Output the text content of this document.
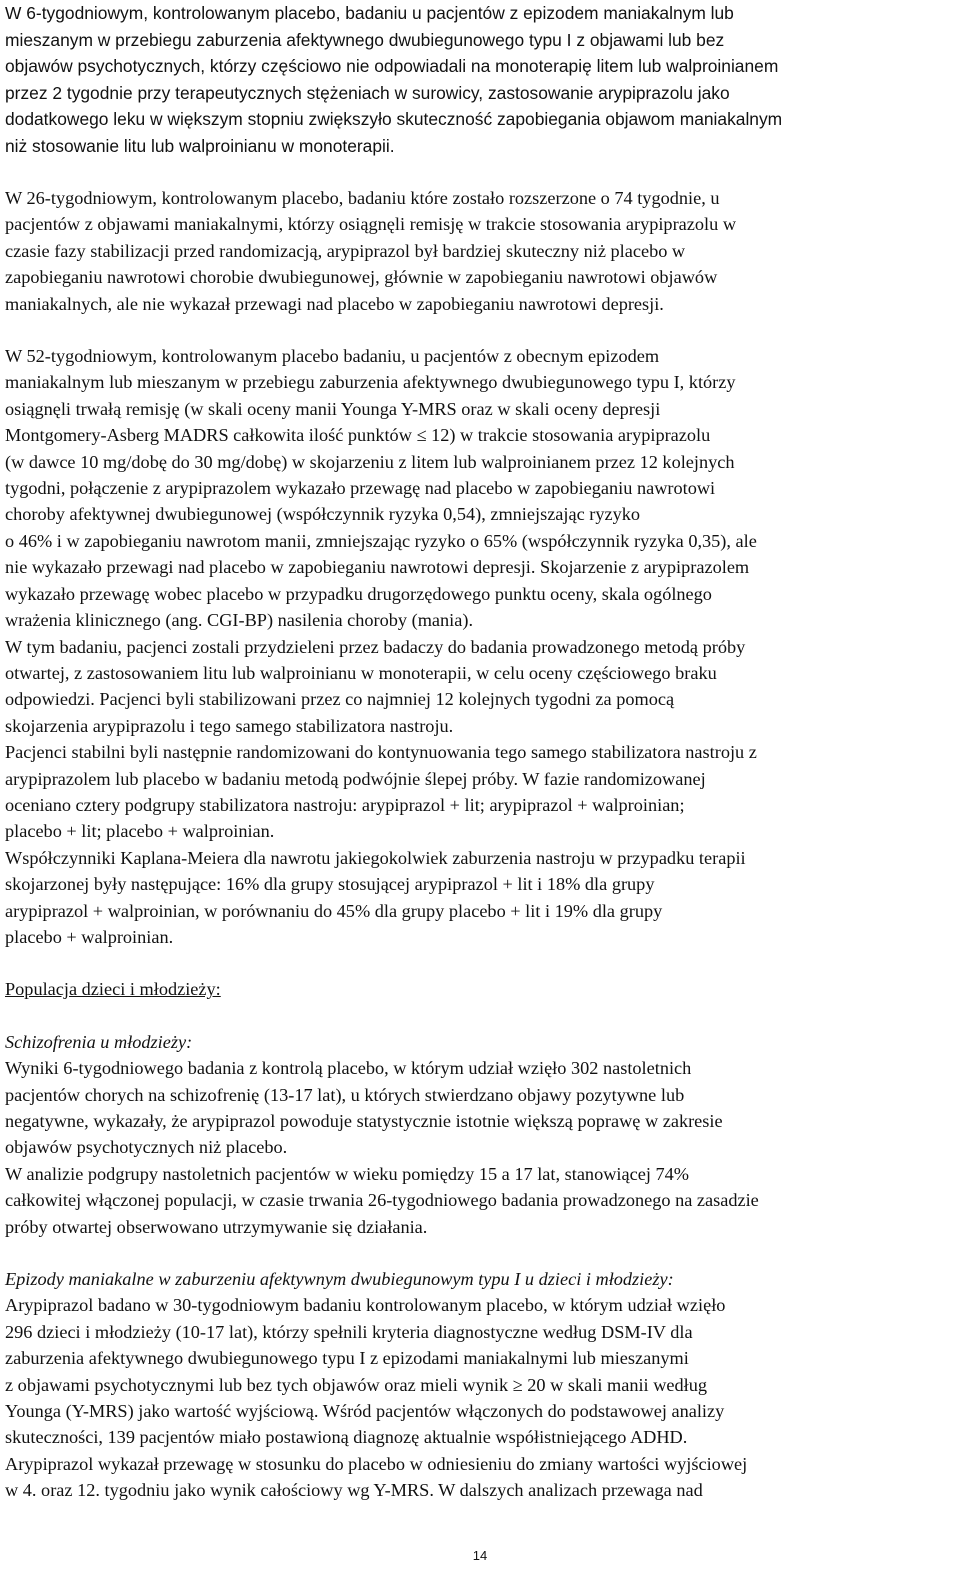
W 6-tygodniowym, kontrolowanym placebo, badaniu u pacjentów z epizodem maniakalnym lub
mieszanym w przebiegu zaburzenia afektywnego dwubiegunowego typu I z objawami lub bez
objawów psychotycznych, którzy częściowo nie odpowiadali na monoterapię litem lub walproinianem
przez 2 tygodnie przy terapeutycznych stężeniach w surowicy, zastosowanie arypiprazolu jako
dodatkowego leku w większym stopniu zwiększyło skuteczność zapobiegania objawom maniakalnym
niż stosowanie litu lub walproinianu w monoterapii.

W 26-tygodniowym, kontrolowanym placebo, badaniu które zostało rozszerzone o 74 tygodnie, u
pacjentów z objawami maniakalnymi, którzy osiągnęli remisję w trakcie stosowania arypiprazolu w
czasie fazy stabilizacji przed randomizacją, arypiprazol był bardziej skuteczny niż placebo w
zapobieganiu nawrotowi chorobie dwubiegunowej, głównie w zapobieganiu nawrotowi objawów
maniakalnych, ale nie wykazał przewagi nad placebo w zapobieganiu nawrotowi depresji.

W 52-tygodniowym, kontrolowanym placebo badaniu, u pacjentów z obecnym epizodem
maniakalnym lub mieszanym w przebiegu zaburzenia afektywnego dwubiegunowego typu I, którzy
osiągnęli trwałą remisję (w skali oceny manii Younga Y-MRS oraz w skali oceny depresji
Montgomery-Asberg MADRS całkowita ilość punktów ≤ 12) w trakcie stosowania arypiprazolu
(w dawce 10 mg/dobę do 30 mg/dobę) w skojarzeniu z litem lub walproinianem przez 12 kolejnych
tygodni, połączenie z arypiprazolem wykazało przewagę nad placebo w zapobieganiu nawrotowi
choroby afektywnej dwubiegunowej (współczynnik ryzyka 0,54), zmniejszając ryzyko
o 46% i w zapobieganiu nawrotom manii, zmniejszając ryzyko o 65% (współczynnik ryzyka 0,35), ale
nie wykazało przewagi nad placebo w zapobieganiu nawrotowi depresji. Skojarzenie z arypiprazolem
wykazało przewagę wobec placebo w przypadku drugorzędowego punktu oceny, skala ogólnego
wrażenia klinicznego (ang. CGI-BP) nasilenia choroby (mania).

W tym badaniu, pacjenci zostali przydzieleni przez badaczy do badania prowadzonego metodą próby
otwartej, z zastosowaniem litu lub walproinianu w monoterapii, w celu oceny częściowego braku
odpowiedzi. Pacjenci byli stabilizowani przez co najmniej 12 kolejnych tygodni za pomocą
skojarzenia arypiprazolu i tego samego stabilizatora nastroju.

Pacjenci stabilni byli następnie randomizowani do kontynuowania tego samego stabilizatora nastroju z
arypiprazolem lub placebo w badaniu metodą podwójnie ślepej próby. W fazie randomizowanej
oceniano cztery podgrupy stabilizatora nastroju: arypiprazol + lit; arypiprazol + walproinian;
placebo + lit; placebo + walproinian.

Współczynniki Kaplana-Meiera dla nawrotu jakiegokolwiek zaburzenia nastroju w przypadku terapii
skojarzonej były następujące: 16% dla grupy stosującej arypiprazol + lit i 18% dla grupy
arypiprazol + walproinian, w porównaniu do 45% dla grupy placebo + lit i 19% dla grupy
placebo + walproinian.

Populacja dzieci i młodzieży:

Schizofrenia u młodzieży:

Wyniki 6-tygodniowego badania z kontrolą placebo, w którym udział wzięło 302 nastoletnich
pacjentów chorych na schizofrenię (13-17 lat), u których stwierdzano objawy pozytywne lub
negatywne, wykazały, że arypiprazol powoduje statystycznie istotnie większą poprawę w zakresie
objawów psychotycznych niż placebo.

W analizie podgrupy nastoletnich pacjentów w wieku pomiędzy 15 a 17 lat, stanowiącej 74%
całkowitej włączonej populacji, w czasie trwania 26-tygodniowego badania prowadzonego na zasadzie
próby otwartej obserwowano utrzymywanie się działania.

Epizody maniakalne w zaburzeniu afektywnym dwubiegunowym typu I u dzieci i młodzieży:

Arypiprazol badano w 30-tygodniowym badaniu kontrolowanym placebo, w którym udział wzięło
296 dzieci i młodzieży (10-17 lat), którzy spełnili kryteria diagnostyczne według DSM-IV dla
zaburzenia afektywnego dwubiegunowego typu I z epizodami maniakalnymi lub mieszanymi
z objawami psychotycznymi lub bez tych objawów oraz mieli wynik ≥ 20 w skali manii według
Younga (Y-MRS) jako wartość wyjściową. Wśród pacjentów włączonych do podstawowej analizy
skuteczności, 139 pacjentów miało postawioną diagnozę aktualnie współistniejącego ADHD.
Arypiprazol wykazał przewagę w stosunku do placebo w odniesieniu do zmiany wartości wyjściowej
w 4. oraz 12. tygodniu jako wynik całościowy wg Y-MRS. W dalszych analizach przewaga nad

14
